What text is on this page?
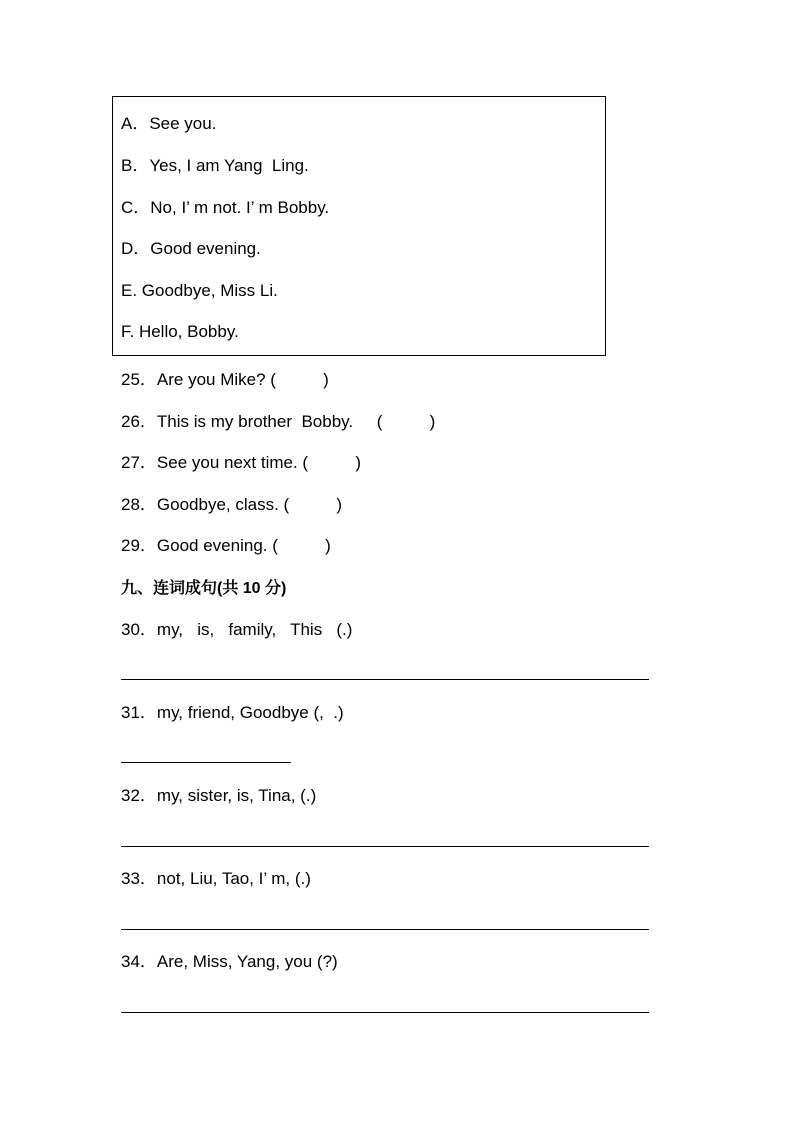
A．See you.
B．Yes, I am Yang  Ling.
C．No, I’ m not. I’ m Bobby.
D．Good evening.
E. Goodbye, Miss Li.
F. Hello, Bobby.
25．Are you Mike? (          )
26．This is my brother  Bobby.     (          )
27．See you next time. (          )
28．Goodbye, class. (          )
29．Good evening. (          )
九、连词成句(共 10 分)
30．my,   is,   family,   This   (.)
31．my, friend, Goodbye (,  .)
32．my, sister, is, Tina, (.)
33．not, Liu, Tao, I’ m, (.)
34．Are, Miss, Yang, you (?)
